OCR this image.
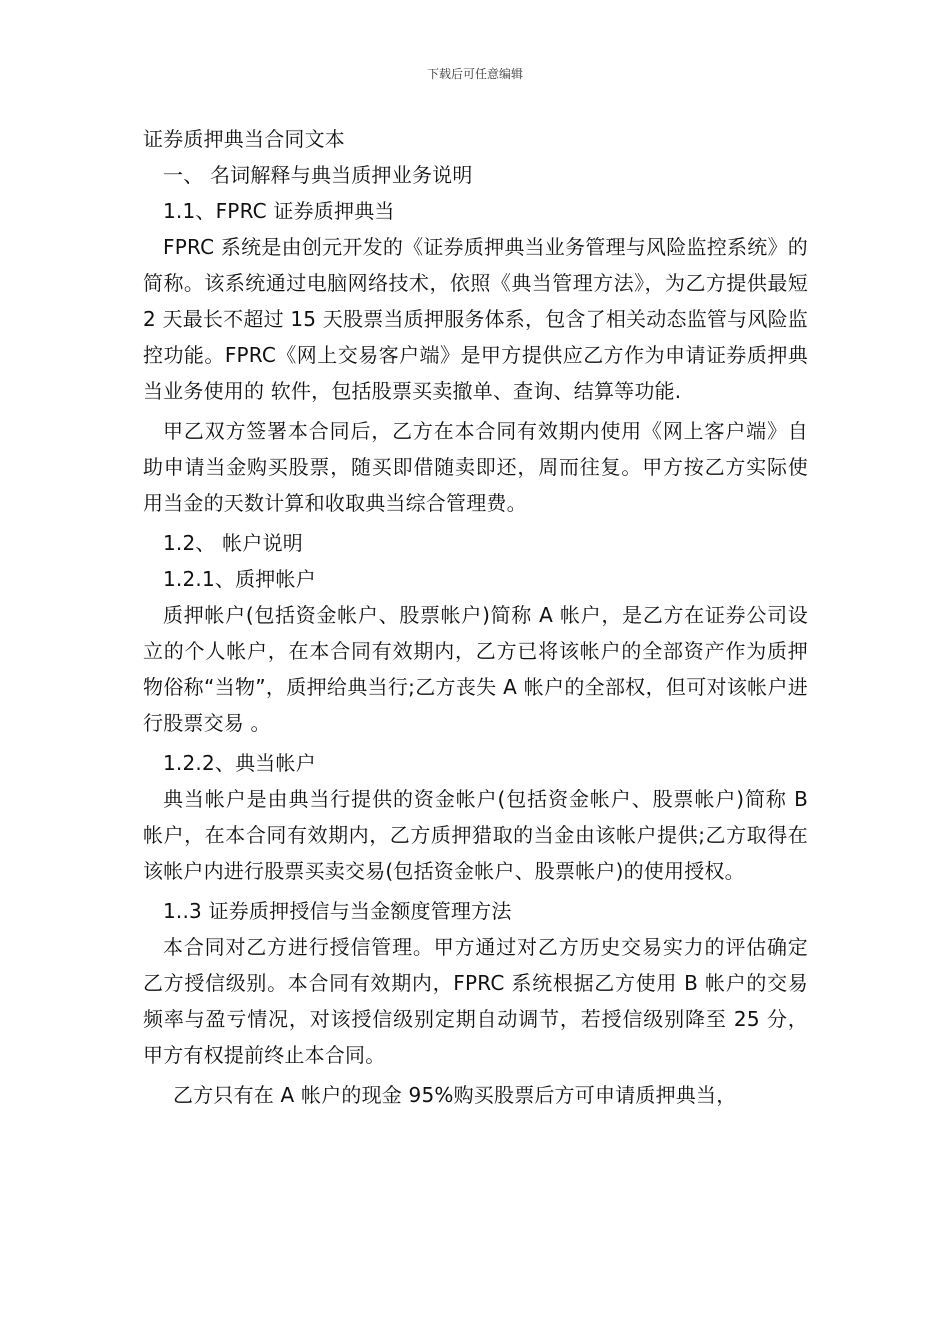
下载后可任意编辑

证券质押典当合同文本

一、 名词解释与典当质押业务说明

1.1、FPRC 证券质押典当

FPRC 系统是由创元开发的《证券质押典当业务管理与风险监控系统》的简称。该系统通过电脑网络技术，依照《典当管理方法》，为乙方提供最短 2 天最长不超过 15 天股票当质押服务体系，包含了相关动态监管与风险监控功能。FPRC《网上交易客户端》是甲方提供应乙方作为申请证券质押典当业务使用的 软件，包括股票买卖撤单、查询、结算等功能.

甲乙双方签署本合同后，乙方在本合同有效期内使用《网上客户端》自助申请当金购买股票，随买即借随卖即还，周而往复。甲方按乙方实际使用当金的天数计算和收取典当综合管理费。

1.2、 帐户说明

1.2.1、质押帐户

质押帐户(包括资金帐户、股票帐户)简称 A 帐户，是乙方在证券公司设立的个人帐户，在本合同有效期内，乙方已将该帐户的全部资产作为质押物俗称“当物”，质押给典当行;乙方丧失 A 帐户的全部权，但可对该帐户进行股票交易 。

1.2.2、典当帐户

典当帐户是由典当行提供的资金帐户(包括资金帐户、股票帐户)简称 B 帐户，在本合同有效期内，乙方质押猎取的当金由该帐户提供;乙方取得在该帐户内进行股票买卖交易(包括资金帐户、股票帐户)的使用授权。

1..3 证券质押授信与当金额度管理方法

本合同对乙方进行授信管理。甲方通过对乙方历史交易实力的评估确定乙方授信级别。本合同有效期内，FPRC 系统根据乙方使用 B 帐户的交易频率与盈亏情况，对该授信级别定期自动调节，若授信级别降至 25 分，甲方有权提前终止本合同。

乙方只有在 A 帐户的现金 95%购买股票后方可申请质押典当，
